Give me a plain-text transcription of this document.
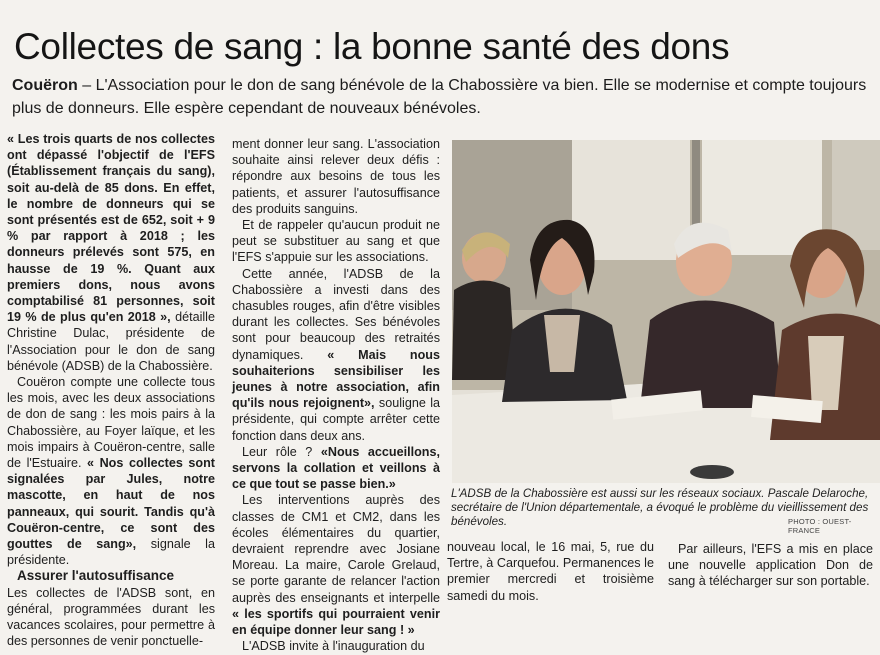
Collectes de sang : la bonne santé des dons
Couëron – L'Association pour le don de sang bénévole de la Chabossière va bien. Elle se modernise et compte toujours plus de donneurs. Elle espère cependant de nouveaux bénévoles.

« Les trois quarts de nos collectes ont dépassé l'objectif de l'EFS (Établissement français du sang), soit au-delà de 85 dons. En effet, le nombre de donneurs qui se sont présentés est de 652, soit + 9 % par rapport à 2018 ; les donneurs prélevés sont 575, en hausse de 19 %. Quant aux premiers dons, nous avons comptabilisé 81 personnes, soit 19 % de plus qu'en 2018 », détaille Christine Dulac, présidente de l'Association pour le don de sang bénévole (ADSB) de la Chabossière.

Couëron compte une collecte tous les mois, avec les deux associations de don de sang : les mois pairs à la Chabossière, au Foyer laïque, et les mois impairs à Couëron-centre, salle de l'Estuaire. « Nos collectes sont signalées par Jules, notre mascotte, en haut de nos panneaux, qui sourit. Tandis qu'à Couëron-centre, ce sont des gouttes de sang», signale la présidente.

Assurer l'autosuffisance

Les collectes de l'ADSB sont, en général, programmées durant les vacances scolaires, pour permettre à des personnes de venir ponctuelle-

ment donner leur sang. L'association souhaite ainsi relever deux défis : répondre aux besoins de tous les patients, et assurer l'autosuffisance des produits sanguins.

Et de rappeler qu'aucun produit ne peut se substituer au sang et que l'EFS s'appuie sur les associations.

Cette année, l'ADSB de la Chabossière a investi dans des chasubles rouges, afin d'être visibles durant les collectes. Ses bénévoles sont pour beaucoup des retraités dynamiques. « Mais nous souhaiterions sensibiliser les jeunes à notre association, afin qu'ils nous rejoignent», souligne la présidente, qui compte arrêter cette fonction dans deux ans.

Leur rôle ? «Nous accueillons, servons la collation et veillons à ce que tout se passe bien.»

Les interventions auprès des classes de CM1 et CM2, dans les écoles élémentaires du quartier, devraient reprendre avec Josiane Moreau. La maire, Carole Grelaud, se porte garante de relancer l'action auprès des enseignants et interpelle « les sportifs qui pourraient venir en équipe donner leur sang ! »

L'ADSB invite à l'inauguration du

L'ADSB de la Chabossière est aussi sur les réseaux sociaux. Pascale Delaroche, secrétaire de l'Union départementale, a évoqué le problème du vieillissement des bénévoles.	PHOTO : OUEST-FRANCE

nouveau local, le 16 mai, 5, rue du Tertre, à Carquefou. Permanences le premier mercredi et troisième samedi du mois.

Par ailleurs, l'EFS a mis en place une nouvelle application Don de sang à télécharger sur son portable.
